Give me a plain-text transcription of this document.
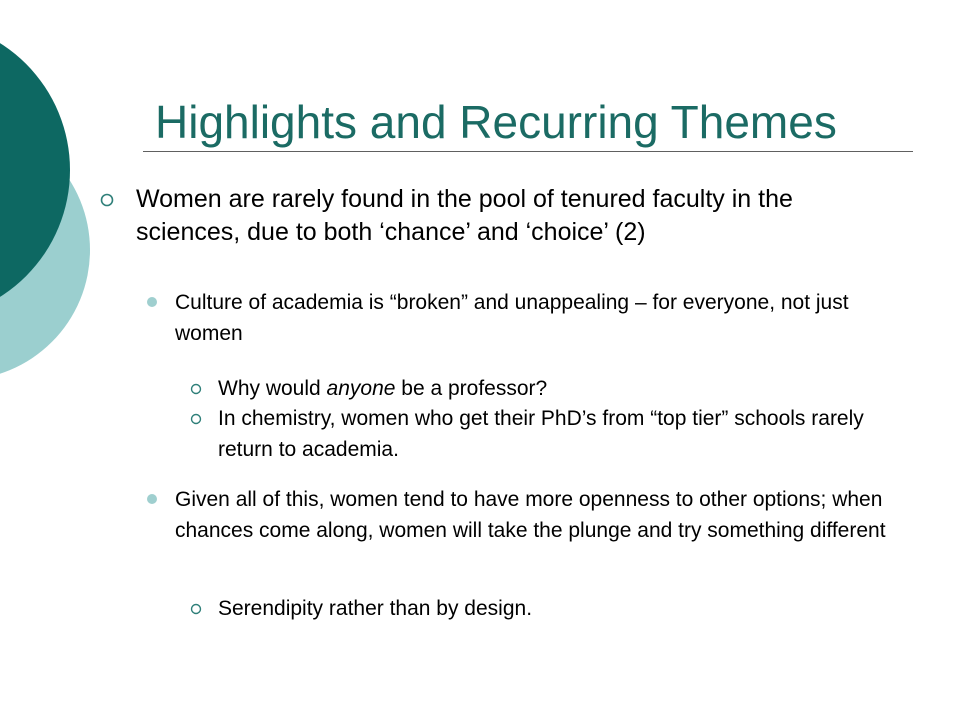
Highlights and Recurring Themes
Women are rarely found in the pool of tenured faculty in the sciences, due to both ‘chance’ and ‘choice’ (2)
Culture of academia is “broken” and unappealing – for everyone, not just women
Why would anyone be a professor?
In chemistry, women who get their PhD’s from “top tier” schools rarely return to academia.
Given all of this, women tend to have more openness to other options; when chances come along, women will take the plunge and try something different
Serendipity rather than by design.
